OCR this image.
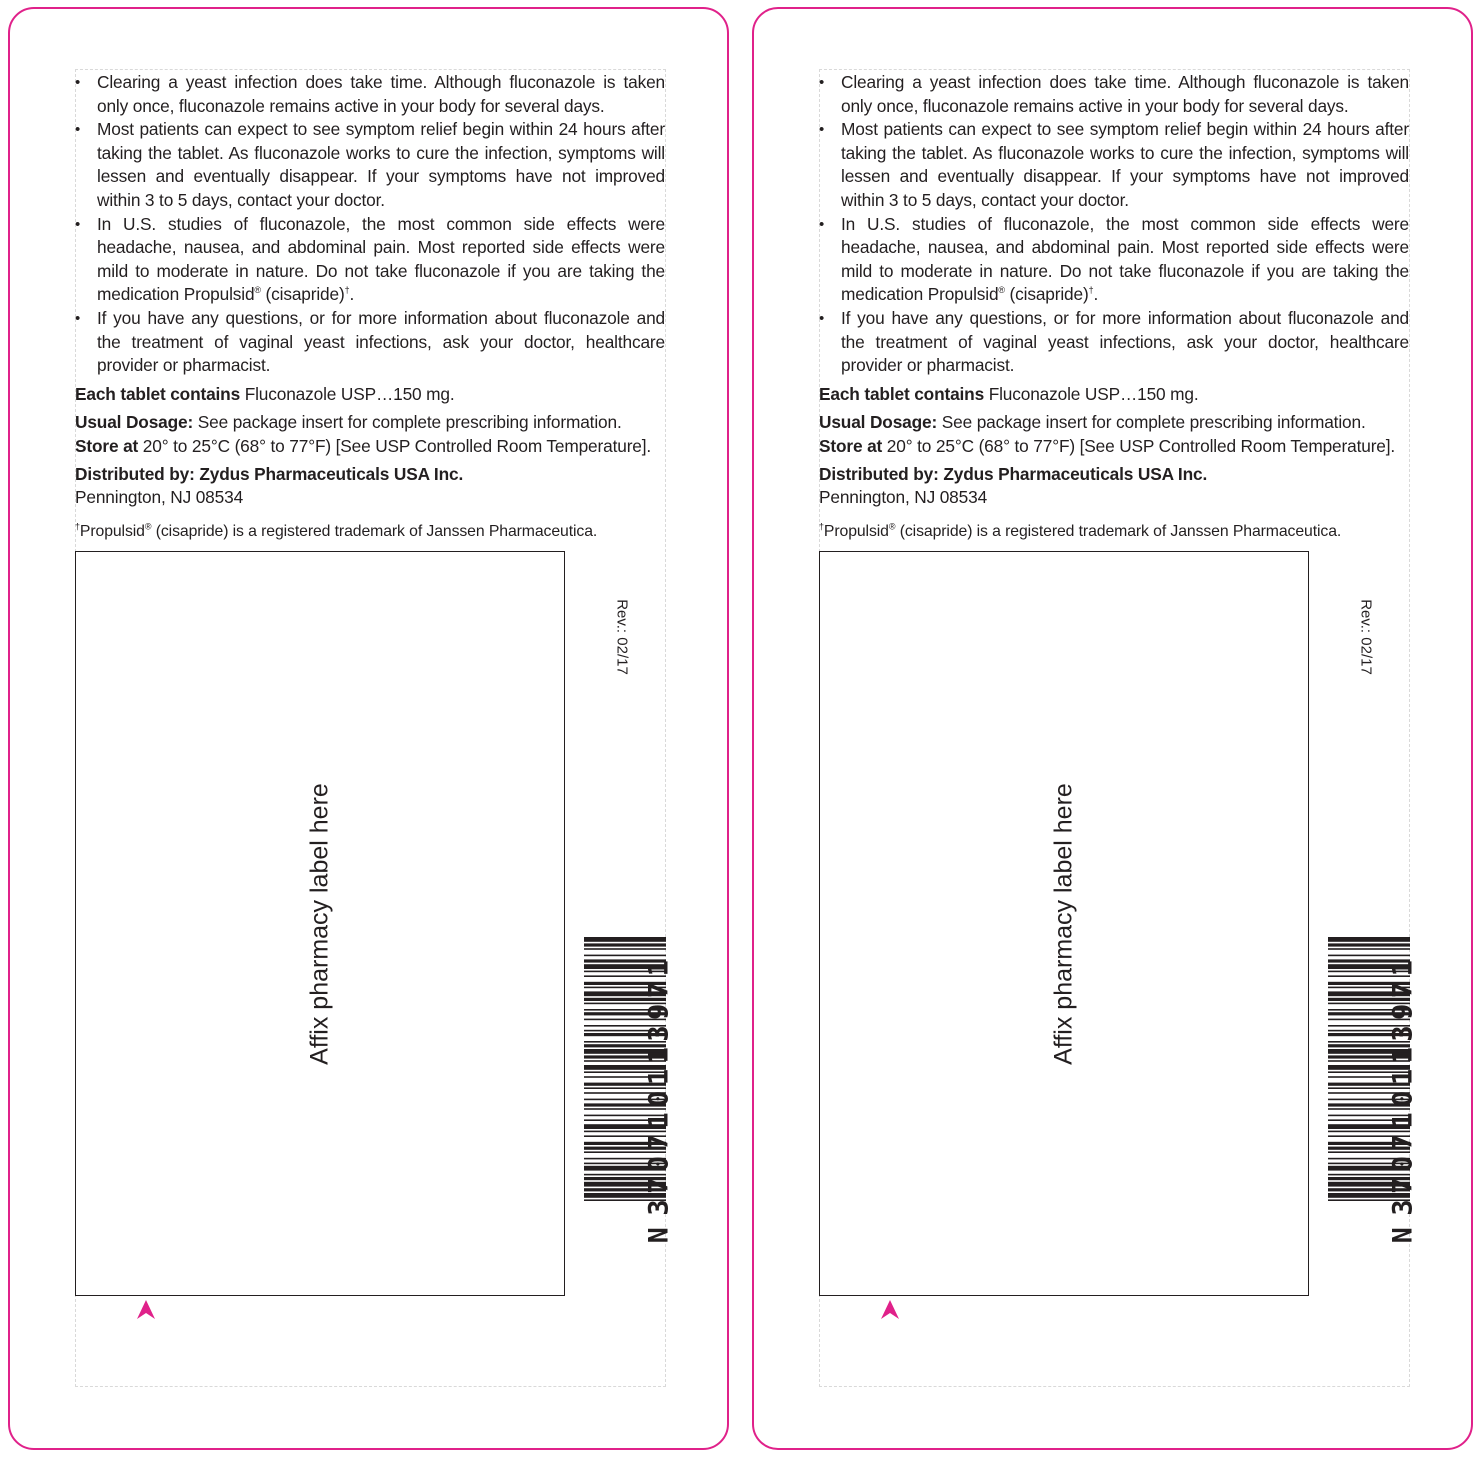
• Clearing a yeast infection does take time. Although fluconazole is taken only once, fluconazole remains active in your body for several days.
• Most patients can expect to see symptom relief begin within 24 hours after taking the tablet. As fluconazole works to cure the infection, symptoms will lessen and eventually disappear. If your symptoms have not improved within 3 to 5 days, contact your doctor.
• In U.S. studies of fluconazole, the most common side effects were headache, nausea, and abdominal pain. Most reported side effects were mild to moderate in nature. Do not take fluconazole if you are taking the medication Propulsid® (cisapride)†.
• If you have any questions, or for more information about fluconazole and the treatment of vaginal yeast infections, ask your doctor, healthcare provider or pharmacist.

Each tablet contains Fluconazole USP…150 mg.

Usual Dosage: See package insert for complete prescribing information.

Store at 20° to 25°C (68° to 77°F) [See USP Controlled Room Temperature].

Distributed by: Zydus Pharmaceuticals USA Inc.

Pennington, NJ 08534

†Propulsid® (cisapride) is a registered trademark of Janssen Pharmaceutica.

Affix pharmacy label here
Rev.: 02/17
N370710113971
• Clearing a yeast infection does take time. Although fluconazole is taken only once, fluconazole remains active in your body for several days.
• Most patients can expect to see symptom relief begin within 24 hours after taking the tablet. As fluconazole works to cure the infection, symptoms will lessen and eventually disappear. If your symptoms have not improved within 3 to 5 days, contact your doctor.
• In U.S. studies of fluconazole, the most common side effects were headache, nausea, and abdominal pain. Most reported side effects were mild to moderate in nature. Do not take fluconazole if you are taking the medication Propulsid® (cisapride)†.
• If you have any questions, or for more information about fluconazole and the treatment of vaginal yeast infections, ask your doctor, healthcare provider or pharmacist.

Each tablet contains Fluconazole USP…150 mg.

Usual Dosage: See package insert for complete prescribing information.

Store at 20° to 25°C (68° to 77°F) [See USP Controlled Room Temperature].

Distributed by: Zydus Pharmaceuticals USA Inc.

Pennington, NJ 08534

†Propulsid® (cisapride) is a registered trademark of Janssen Pharmaceutica.

Affix pharmacy label here
Rev.: 02/17
N370710113971
